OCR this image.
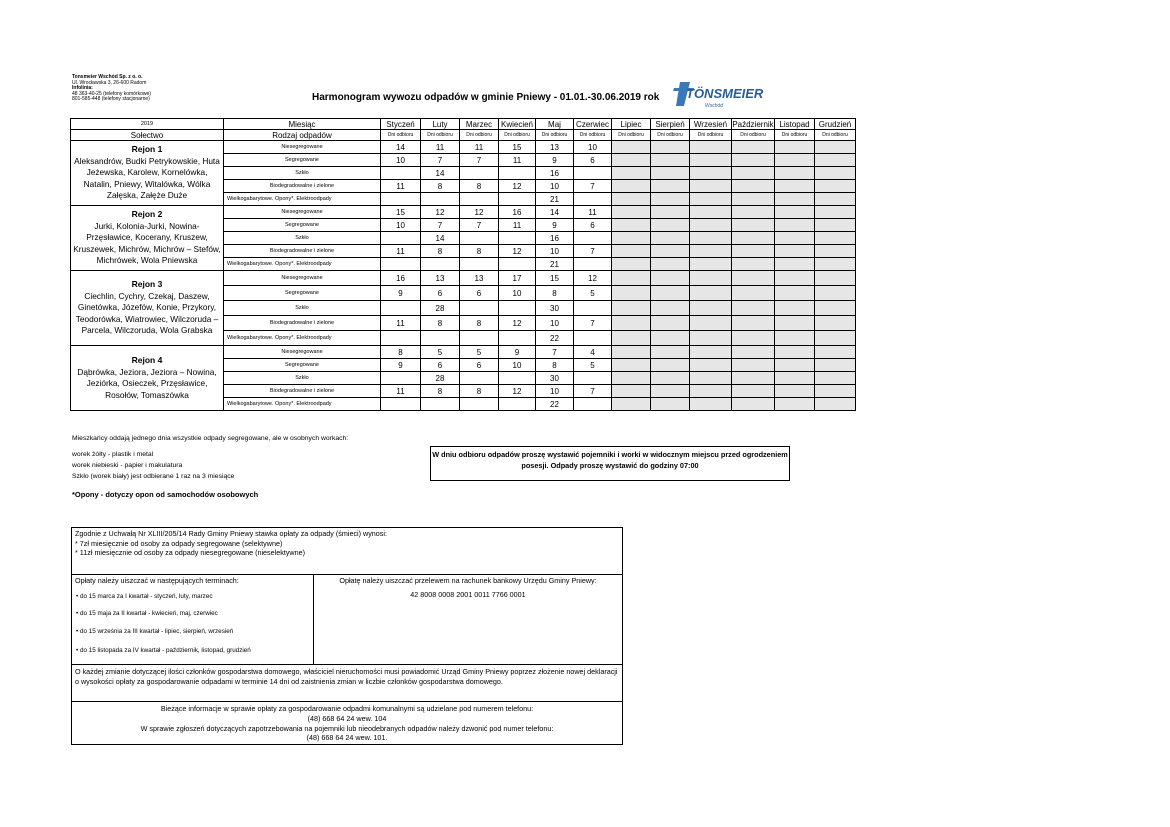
Tonsmeier Wschód Sp. z o. o.
Ul. Wrocławska 3, 26-600 Radom
Infolinia:
48 363-40-25 (telefony komórkowe)
801-585-448 (telefony stacjonarne)	Harmonogram wywozu odpadów w gminie Pniewy - 01.01.-30.06.2019 rok TÖNSMEIER
Wschód
2019	Miesiąc	Styczeń	Luty	Marzec	Kwiecień	Maj	Czerwiec	Lipiec	Sierpień	Wrzesień	Październik	Listopad	Grudzień
Sołectwo	Rodzaj odpadów	Dni odbioru	Dni odbioru	Dni odbioru	Dni odbioru	Dni odbioru	Dni odbioru	Dni odbioru	Dni odbioru	Dni odbioru	Dni odbioru	Dni odbioru	Dni odbioru
Rejon 1
Aleksandrów, Budki Petrykowskie, Huta Jeżewska, Karolew, Kornelówka, Natalin, Pniewy, Witalówka, Wólka Załęska, Załęże Duże	Niesegregowane	14	11	11	15	13	10						
	Segregowane	10	7	7	11	9	6						
	Szkło		14			16							
	Biodegradowalne i zielone	11	8	8	12	10	7						
	Wielkogabarytowe. Opony*. Elektroodpady					21							
Rejon 2
Jurki, Kolonia-Jurki, Nowina-Przęsławice, Kocerany, Kruszew, Kruszewek, Michrów, Michrów – Stefów, Michrówek, Wola Pniewska	Niesegregowane	15	12	12	16	14	11						
	Segregowane	10	7	7	11	9	6						
	Szkło		14			16							
	Biodegradowalne i zielone	11	8	8	12	10	7						
	Wielkogabarytowe. Opony*. Elektroodpady					21							
Rejon 3
Ciechlin, Cychry, Czekaj, Daszew, Ginetówka, Józefów, Konie, Przykory, Teodorówka, Wiatrowiec, Wilczoruda – Parcela, Wilczoruda, Wola Grabska	Niesegregowane	16	13	13	17	15	12						
	Segregowane	9	6	6	10	8	5						
	Szkło		28			30							
	Biodegradowalne i zielone	11	8	8	12	10	7						
	Wielkogabarytowe. Opony*. Elektroodpady					22							
Rejon 4
Dąbrówka, Jeziora, Jeziora – Nowina, Jeziórka, Osieczek, Przęsławice, Rosołów, Tomaszówka	Niesegregowane	8	5	5	9	7	4						
	Segregowane	9	6	6	10	8	5						
	Szkło		28			30							
	Biodegradowalne i zielone	11	8	8	12	10	7						
	Wielkogabarytowe. Opony*. Elektroodpady					22							
Mieszkańcy oddają jednego dnia wszystkie odpady segregowane, ale w osobnych workach:
worek żółty - plastik i metal
worek niebieski - papier i makulatura
Szkło (worek biały) jest odbierane 1 raz na 3 miesiące
W dniu odbioru odpadów proszę wystawić pojemniki i worki w widocznym miejscu przed ogrodzeniem posesji. Odpady proszę wystawić do godziny 07:00
*Opony - dotyczy opon od samochodów osobowych
Zgodnie z Uchwałą Nr XLIII/205/14 Rady Gminy Pniewy stawka opłaty za odpady (śmieci) wynosi:
* 7zł miesięcznie od osoby za odpady segregowane (selektywne)
* 11zł miesięcznie od osoby za odpady niesegregowane (nieselektywne)
Opłaty należy uiszczać w następujących terminach:
• do 15 marca za I kwartał - styczeń, luty, marzec
• do 15 maja za II kwartał - kwiecień, maj, czerwiec
• do 15 września za III kwartał - lipiec, sierpień, wrzesień
• do 15 listopada za IV kwartał - październik, listopad, grudzień
Opłatę należy uiszczać przelewem na rachunek bankowy Urzędu Gminy Pniewy:
42 8008 0008 2001 0011 7766 0001
O każdej zmianie dotyczącej ilości członków gospodarstwa domowego, właściciel nieruchomości musi powiadomić Urząd Gminy Pniewy poprzez złożenie nowej deklaracji o wysokości opłaty za gospodarowanie odpadami w terminie 14 dni od zaistnienia zmian w liczbie członków gospodarstwa domowego.
Bieżące informacje w sprawie opłaty za gospodarowanie odpadmi komunalnymi są udzielane pod numerem telefonu:
(48) 668 64 24 wew. 104
W sprawie zgłoszeń dotyczących zapotrzebowania na pojemniki lub nieodebranych odpadów należy dzwonić pod numer telefonu:
(48) 668 64 24 wew. 101.
